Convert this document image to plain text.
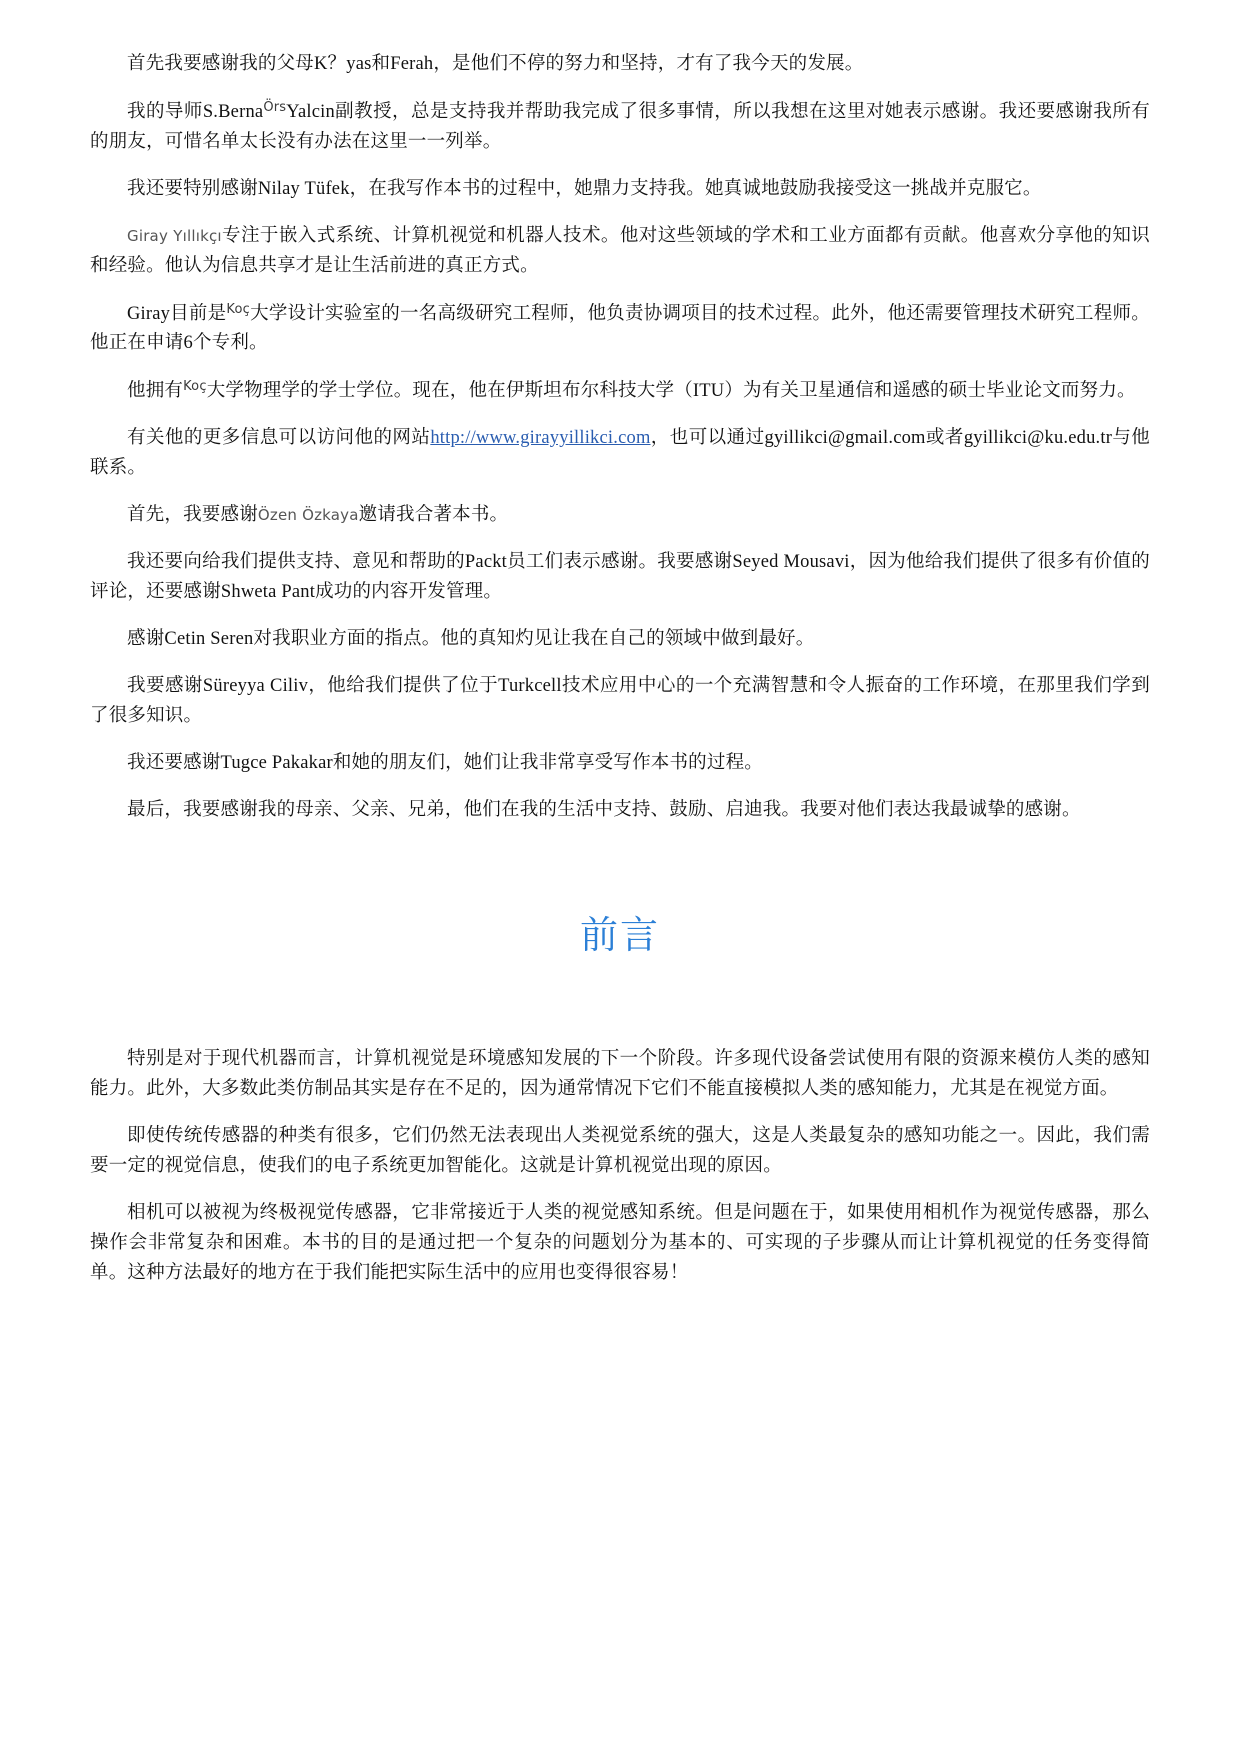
首先我要感谢我的父母K？yas和Ferah，是他们不停的努力和坚持，才有了我今天的发展。

我的导师S.Berna$^{Örs}$Yalcin副教授，总是支持我并帮助我完成了很多事情，所以我想在这里对她表示感谢。我还要感谢我所有的朋友，可惜名单太长没有办法在这里一一列举。

我还要特别感谢Nilay Tüfek，在我写作本书的过程中，她鼎力支持我。她真诚地鼓励我接受这一挑战并克服它。

Giray Yıllıkçı专注于嵌入式系统、计算机视觉和机器人技术。他对这些领域的学术和工业方面都有贡献。他喜欢分享他的知识和经验。他认为信息共享才是让生活前进的真正方式。

Giray目前是$^{Koç}$大学设计实验室的一名高级研究工程师，他负责协调项目的技术过程。此外，他还需要管理技术研究工程师。他正在申请6个专利。

他拥有$^{Koç}$大学物理学的学士学位。现在，他在伊斯坦布尔科技大学（ITU）为有关卫星通信和遥感的硕士毕业论文而努力。

有关他的更多信息可以访问他的网站http://www.girayyillikci.com，也可以通过gyillikci@gmail.com或者gyillikci@ku.edu.tr与他联系。

首先，我要感谢Özen Özkaya邀请我合著本书。

我还要向给我们提供支持、意见和帮助的Packt员工们表示感谢。我要感谢Seyed Mousavi，因为他给我们提供了很多有价值的评论，还要感谢Shweta Pant成功的内容开发管理。

感谢Cetin Seren对我职业方面的指点。他的真知灼见让我在自己的领域中做到最好。

我要感谢Süreyya Ciliv，他给我们提供了位于Turkcell技术应用中心的一个充满智慧和令人振奋的工作环境，在那里我们学到了很多知识。

我还要感谢Tugce Pakakar和她的朋友们，她们让我非常享受写作本书的过程。

最后，我要感谢我的母亲、父亲、兄弟，他们在我的生活中支持、鼓励、启迪我。我要对他们表达我最诚挚的感谢。

前言

特别是对于现代机器而言，计算机视觉是环境感知发展的下一个阶段。许多现代设备尝试使用有限的资源来模仿人类的感知能力。此外，大多数此类仿制品其实是存在不足的，因为通常情况下它们不能直接模拟人类的感知能力，尤其是在视觉方面。

即使传统传感器的种类有很多，它们仍然无法表现出人类视觉系统的强大，这是人类最复杂的感知功能之一。因此，我们需要一定的视觉信息，使我们的电子系统更加智能化。这就是计算机视觉出现的原因。

相机可以被视为终极视觉传感器，它非常接近于人类的视觉感知系统。但是问题在于，如果使用相机作为视觉传感器，那么操作会非常复杂和困难。本书的目的是通过把一个复杂的问题划分为基本的、可实现的子步骤从而让计算机视觉的任务变得简单。这种方法最好的地方在于我们能把实际生活中的应用也变得很容易！
